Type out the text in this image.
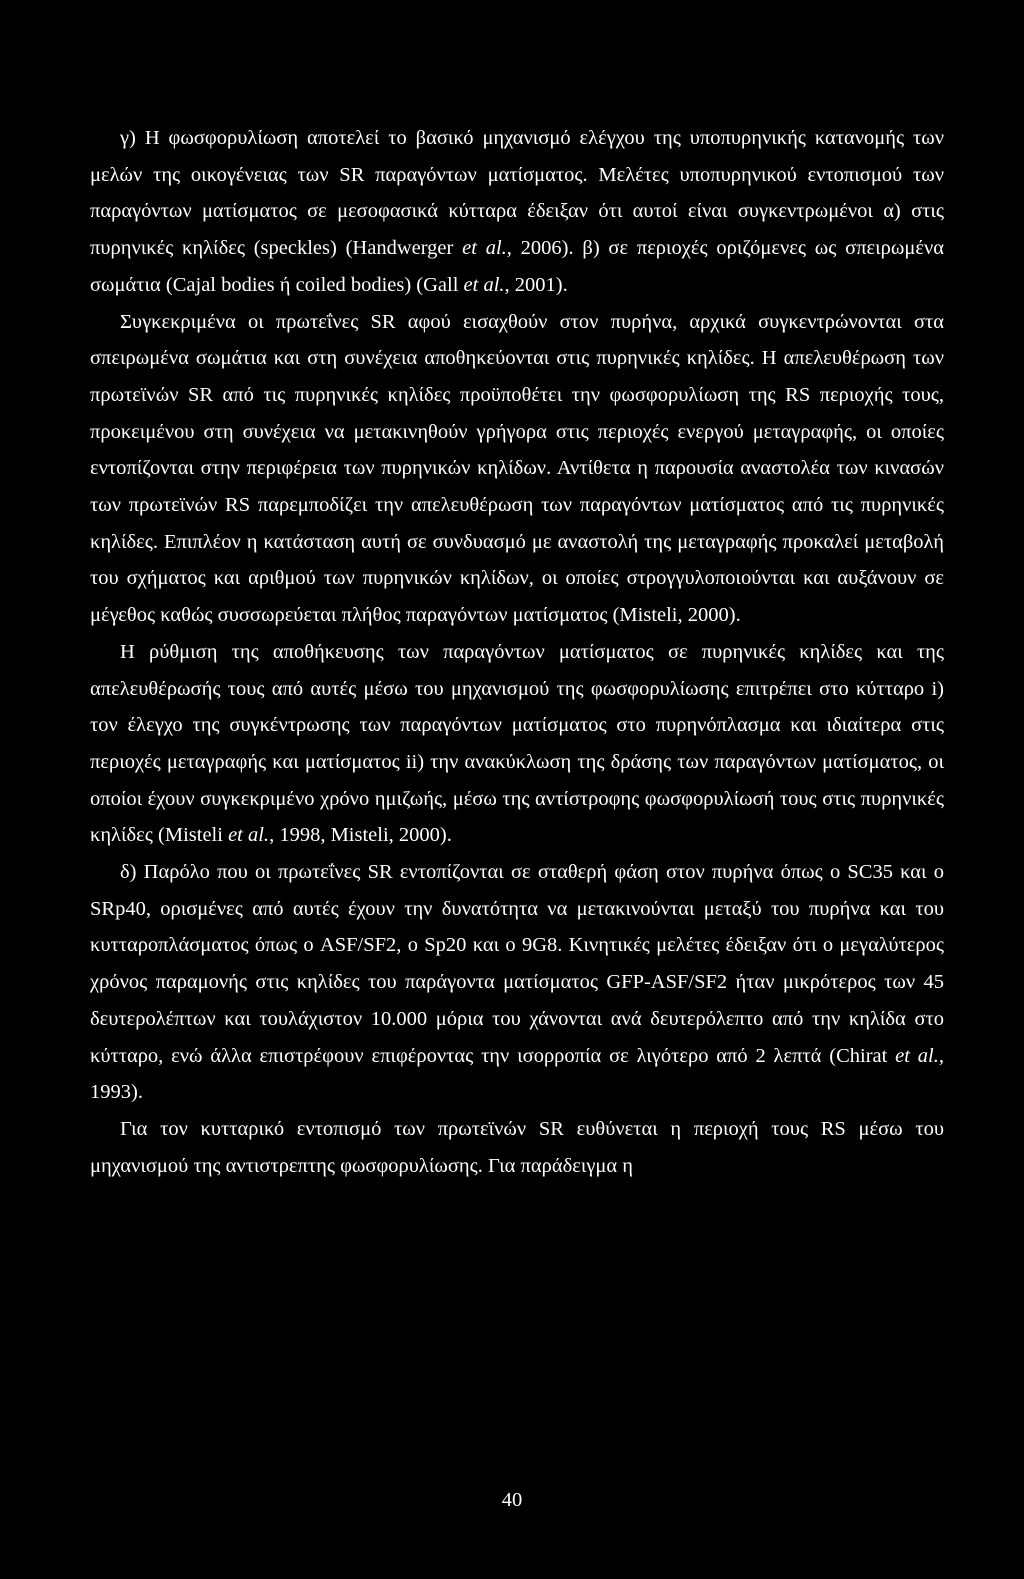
γ) Η φωσφορυλίωση αποτελεί το βασικό μηχανισμό ελέγχου της υποπυρηνικής κατανομής των μελών της οικογένειας των SR παραγόντων ματίσματος. Μελέτες υποπυρηνικού εντοπισμού των παραγόντων ματίσματος σε μεσοφασικά κύτταρα έδειξαν ότι αυτοί είναι συγκεντρωμένοι α) στις πυρηνικές κηλίδες (speckles) (Handwerger et al., 2006). β) σε περιοχές οριζόμενες ως σπειρωμένα σωμάτια (Cajal bodies ή coiled bodies) (Gall et al., 2001).

Συγκεκριμένα οι πρωτεΐνες SR αφού εισαχθούν στον πυρήνα, αρχικά συγκεντρώνονται στα σπειρωμένα σωμάτια και στη συνέχεια αποθηκεύονται στις πυρηνικές κηλίδες. Η απελευθέρωση των πρωτεϊνών SR από τις πυρηνικές κηλίδες προϋποθέτει την φωσφορυλίωση της RS περιοχής τους, προκειμένου στη συνέχεια να μετακινηθούν γρήγορα στις περιοχές ενεργού μεταγραφής, οι οποίες εντοπίζονται στην περιφέρεια των πυρηνικών κηλίδων. Αντίθετα η παρουσία αναστολέα των κινασών των πρωτεϊνών RS παρεμποδίζει την απελευθέρωση των παραγόντων ματίσματος από τις πυρηνικές κηλίδες. Επιπλέον η κατάσταση αυτή σε συνδυασμό με αναστολή της μεταγραφής προκαλεί μεταβολή του σχήματος και αριθμού των πυρηνικών κηλίδων, οι οποίες στρογγυλοποιούνται και αυξάνουν σε μέγεθος καθώς συσσωρεύεται πλήθος παραγόντων ματίσματος (Misteli, 2000).

Η ρύθμιση της αποθήκευσης των παραγόντων ματίσματος σε πυρηνικές κηλίδες και της απελευθέρωσής τους από αυτές μέσω του μηχανισμού της φωσφορυλίωσης επιτρέπει στο κύτταρο i) τον έλεγχο της συγκέντρωσης των παραγόντων ματίσματος στο πυρηνόπλασμα και ιδιαίτερα στις περιοχές μεταγραφής και ματίσματος ii) την ανακύκλωση της δράσης των παραγόντων ματίσματος, οι οποίοι έχουν συγκεκριμένο χρόνο ημιζωής, μέσω της αντίστροφης φωσφορυλίωσή τους στις πυρηνικές κηλίδες (Misteli et al., 1998, Misteli, 2000).

δ) Παρόλο που οι πρωτεΐνες SR εντοπίζονται σε σταθερή φάση στον πυρήνα όπως ο SC35 και ο SRp40, ορισμένες από αυτές έχουν την δυνατότητα να μετακινούνται μεταξύ του πυρήνα και του κυτταροπλάσματος όπως ο ASF/SF2, ο Sp20 και ο 9G8. Κινητικές μελέτες έδειξαν ότι ο μεγαλύτερος χρόνος παραμονής στις κηλίδες του παράγοντα ματίσματος GFP-ASF/SF2 ήταν μικρότερος των 45 δευτερολέπτων και τουλάχιστον 10.000 μόρια του χάνονται ανά δευτερόλεπτο από την κηλίδα στο κύτταρο, ενώ άλλα επιστρέφουν επιφέροντας την ισορροπία σε λιγότερο από 2 λεπτά (Chirat et al., 1993).

Για τον κυτταρικό εντοπισμό των πρωτεϊνών SR ευθύνεται η περιοχή τους RS μέσω του μηχανισμού της αντιστρεπτης φωσφορυλίωσης. Για παράδειγμα η

40
